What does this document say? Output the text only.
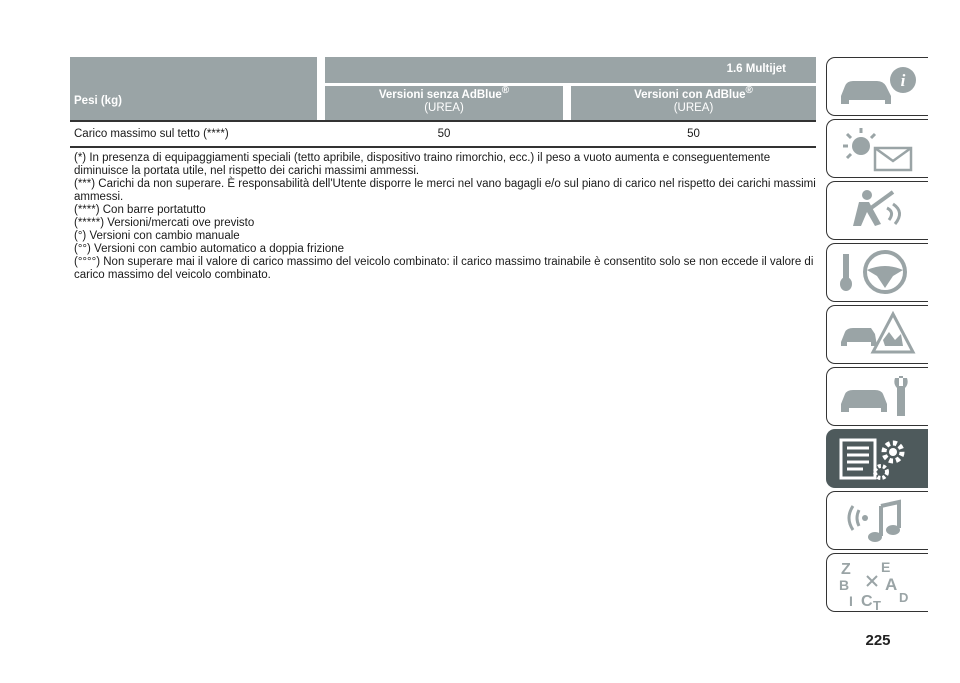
Pesi (kg)
1.6 Multijet
Versioni senza AdBlue®
(UREA)
Versioni con AdBlue®
(UREA)
Carico massimo sul tetto (****)	50	50

(*) In presenza di equipaggiamenti speciali (tetto apribile, dispositivo traino rimorchio, ecc.) il peso a vuoto aumenta e conseguentemente diminuisce la portata utile, nel rispetto dei carichi massimi ammessi.

(***) Carichi da non superare. È responsabilità dell'Utente disporre le merci nel vano bagagli e/o sul piano di carico nel rispetto dei carichi massimi ammessi.

(****) Con barre portatutto

(*****) Versioni/mercati ove previsto

(°) Versioni con cambio manuale

(°°) Versioni con cambio automatico a doppia frizione

(°°°°) Non superare mai il valore di carico massimo del veicolo combinato: il carico massimo trainabile è consentito solo se non eccede il valore di carico massimo del veicolo combinato.

i
Z E
B A
I C D
T
225
